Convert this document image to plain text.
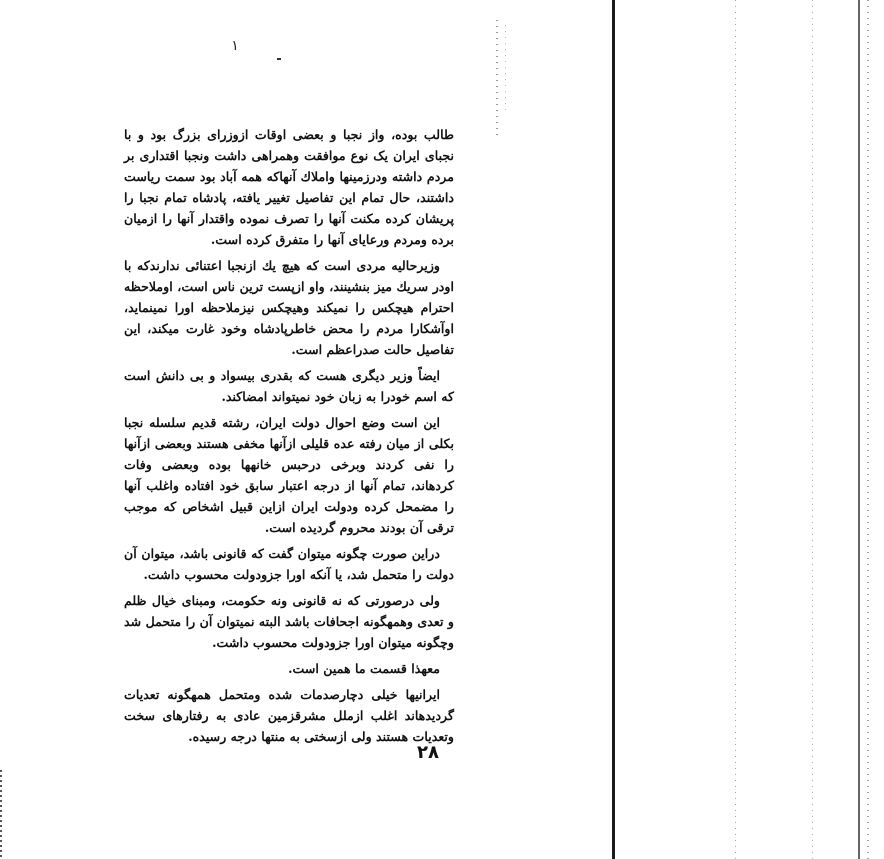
١

طالب بوده، واز نجبا و بعضی اوقات ازوزرای بزرگ بود و با نجبای ایران یک نوع موافقت وهمراهی داشت ونجبا اقتداری بر مردم داشته ودرزمینها واملاك آنهاكه همه آباد بود سمت ریاست داشتند، حال تمام این تفاصیل تغییر یافته، پادشاه تمام نجبا را پریشان كرده مكنت آنها را تصرف نموده واقتدار آنها را ازمیان برده ومردم ورعایای آنها را متفرق كرده است.

وزیرحالیه مردی است كه هیچ یك ازنجبا اعتنائی ندارندكه با اودر سریك میز بنشینند، واو ازپست ترین ناس است، اوملاحظه احترام هیچكس را نمیكند وهیچكس نیزملاحظه اورا نمینماید، اوآشكارا مردم را محض خاطرپادشاه وخود غارت میكند، این تفاصیل حالت صدراعظم است.

ایضاً وزیر دیگری هست كه بقدری بیسواد و بی دانش است كه اسم خودرا به زبان خود نمیتواند امضاكند.

این است وضع احوال دولت ایران، رشته قدیم سلسله نجبا بكلی از میان رفته عده قلیلی ازآنها مخفی هستند وبعضی ازآنها را نفی كردند وبرخی درحبس خانهها بوده وبعضی وفات كردهاند، تمام آنها از درجه اعتبار سابق خود افتاده واغلب آنها را مضمحل كرده ودولت ایران ازاین قبیل اشخاص كه موجب ترقی آن بودند محروم گردیده است.

دراین صورت چگونه میتوان گفت كه قانونی باشد، میتوان آن دولت را متحمل شد، یا آنكه اورا جزودولت محسوب داشت.

ولی درصورتی كه نه قانونی ونه حكومت، ومبنای خیال ظلم و تعدی وهمهگونه اجحافات باشد البته نمیتوان آن را متحمل شد وچگونه میتوان اورا جزودولت محسوب داشت.

معهذا قسمت ما همین است.

ایرانیها خیلی دچارصدمات شده ومتحمل همهگونه تعدیات گردیدهاند اغلب ازملل مشرقزمین عادی به رفتارهای سخت وتعدیات هستند ولی ازسختی به منتها درجه رسیده.

۲۸
